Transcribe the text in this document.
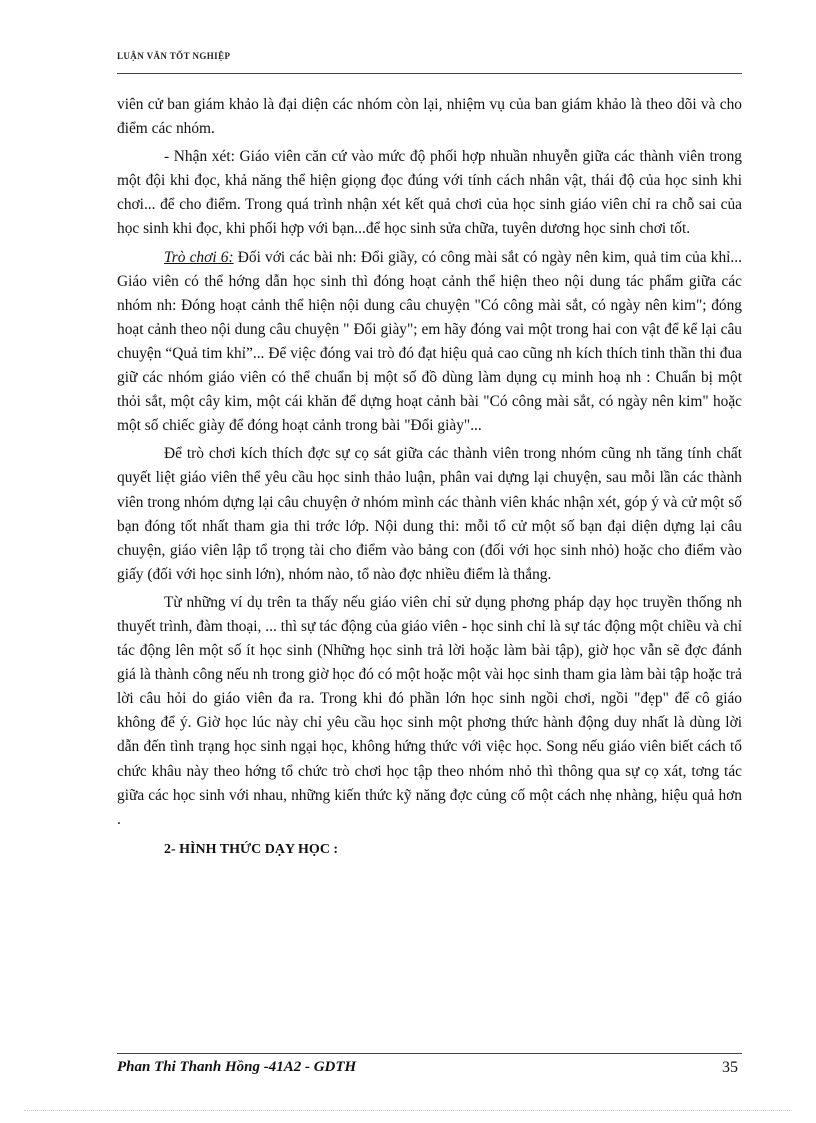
LUẬN VĂN TỐT NGHIỆP

viên cử ban giám khảo là đại diện các nhóm còn lại, nhiệm vụ của ban giám khảo là theo dõi và cho điểm các nhóm.

- Nhận xét: Giáo viên căn cứ vào mức độ phối hợp nhuần nhuyễn giữa các thành viên trong một đội khi đọc, khả năng thể hiện giọng đọc đúng với tính cách nhân vật, thái độ của học sinh khi chơi... để cho điểm. Trong quá trình nhận xét kết quả chơi của học sinh giáo viên chỉ ra chỗ sai của học sinh khi đọc, khi phối hợp với bạn...để học sinh sửa chữa, tuyên dương học sinh chơi tốt.

Trò chơi 6: Đối với các bài nh: Đổi giầy, có công mài sắt có ngày nên kim, quả tim của khỉ... Giáo viên có thể hớng dẫn học sinh thì đóng hoạt cảnh thể hiện theo nội dung tác phẩm giữa các nhóm nh: Đóng hoạt cảnh thể hiện nội dung câu chuyện "Có công mài sắt, có ngày nên kim"; đóng hoạt cảnh theo nội dung câu chuyện " Đổi giày"; em hãy đóng vai một trong hai con vật để kể lại câu chuyện “Quả tim khỉ”... Để việc đóng vai trò đó đạt hiệu quả cao cũng nh kích thích tinh thần thi đua giữ các nhóm giáo viên có thể chuẩn bị một số đồ dùng làm dụng cụ minh hoạ nh : Chuẩn bị một thỏi sắt, một cây kim, một cái khăn để dựng hoạt cảnh bài "Có công mài sắt, có ngày nên kim" hoặc một số chiếc giày để đóng hoạt cảnh trong bài "Đổi giày"...

Để trò chơi kích thích đợc sự cọ sát giữa các thành viên trong nhóm cũng nh tăng tính chất quyết liệt giáo viên thể yêu cầu học sinh thảo luận, phân vai dựng lại chuyện, sau mỗi lần các thành viên trong nhóm dựng lại câu chuyện ở nhóm mình các thành viên khác nhận xét, góp ý và cử một số bạn đóng tốt nhất tham gia thi trớc lớp. Nội dung thi: mỗi tổ cử một số bạn đại diện dựng lại câu chuyện, giáo viên lập tổ trọng tài cho điểm vào bảng con (đối với học sinh nhỏ) hoặc cho điểm vào giấy (đối với học sinh lớn), nhóm nào, tổ nào đợc nhiều điểm là thắng.

Từ những ví dụ trên ta thấy nếu giáo viên chỉ sử dụng phơng pháp dạy học truyền thống nh thuyết trình, đàm thoại, ... thì sự tác động của giáo viên - học sinh chỉ là sự tác động một chiều và chỉ tác động lên một số ít học sinh (Những học sinh trả lời hoặc làm bài tập), giờ học vẫn sẽ đợc đánh giá là thành công nếu nh trong giờ học đó có một hoặc một vài học sinh tham gia làm bài tập hoặc trả lời câu hỏi do giáo viên đa ra. Trong khi đó phần lớn học sinh ngồi chơi, ngồi "đẹp" để cô giáo không để ý. Giờ học lúc này chỉ yêu cầu học sinh một phơng thức hành động duy nhất là dùng lời dẫn đến tình trạng học sinh ngại học, không hứng thức với việc học. Song nếu giáo viên biết cách tổ chức khâu này theo hớng tổ chức trò chơi học tập theo nhóm nhỏ thì thông qua sự cọ xát, tơng tác giữa các học sinh với nhau, những kiến thức kỹ năng đợc củng cố một cách nhẹ nhàng, hiệu quả hơn .

2- HÌNH THỨC DẠY HỌC :

Phan Thi Thanh Hồng -41A2 - GDTH	35
